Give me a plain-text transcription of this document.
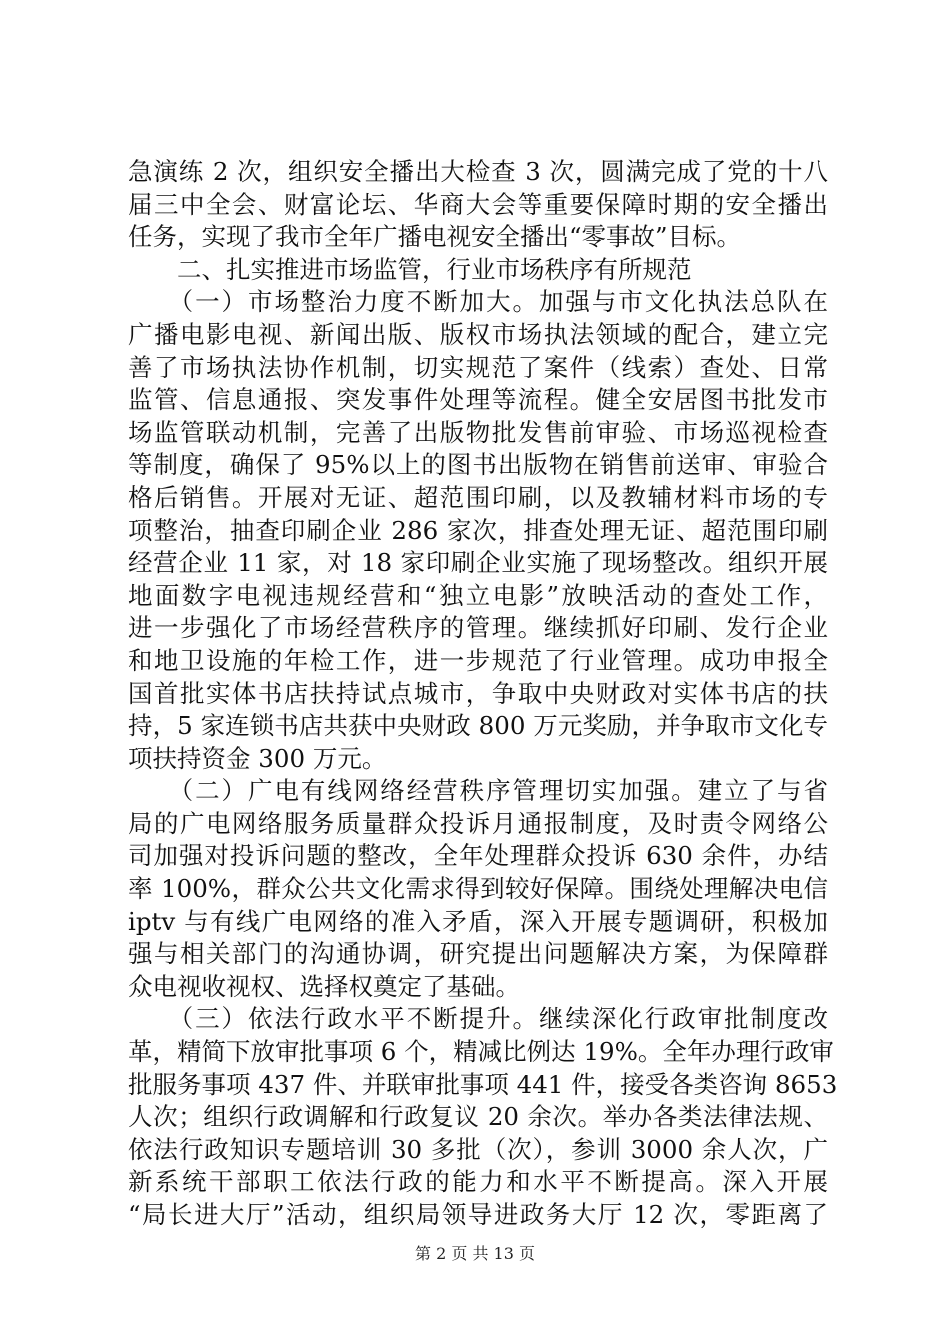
急演练 2 次，组织安全播出大检查 3 次，圆满完成了党的十八
届三中全会、财富论坛、华商大会等重要保障时期的安全播出
任务，实现了我市全年广播电视安全播出“零事故”目标。
　　二、扎实推进市场监管，行业市场秩序有所规范
　　（一）市场整治力度不断加大。加强与市文化执法总队在
广播电影电视、新闻出版、版权市场执法领域的配合，建立完
善了市场执法协作机制，切实规范了案件（线索）查处、日常
监管、信息通报、突发事件处理等流程。健全安居图书批发市
场监管联动机制，完善了出版物批发售前审验、市场巡视检查
等制度，确保了 95%以上的图书出版物在销售前送审、审验合
格后销售。开展对无证、超范围印刷，以及教辅材料市场的专
项整治，抽查印刷企业 286 家次，排查处理无证、超范围印刷
经营企业 11 家，对 18 家印刷企业实施了现场整改。组织开展
地面数字电视违规经营和“独立电影”放映活动的查处工作，
进一步强化了市场经营秩序的管理。继续抓好印刷、发行企业
和地卫设施的年检工作，进一步规范了行业管理。成功申报全
国首批实体书店扶持试点城市，争取中央财政对实体书店的扶
持，5 家连锁书店共获中央财政 800 万元奖励，并争取市文化专
项扶持资金 300 万元。
　　（二）广电有线网络经营秩序管理切实加强。建立了与省
局的广电网络服务质量群众投诉月通报制度，及时责令网络公
司加强对投诉问题的整改，全年处理群众投诉 630 余件，办结
率 100%，群众公共文化需求得到较好保障。围绕处理解决电信
iptv 与有线广电网络的准入矛盾，深入开展专题调研，积极加
强与相关部门的沟通协调，研究提出问题解决方案，为保障群
众电视收视权、选择权奠定了基础。
　　（三）依法行政水平不断提升。继续深化行政审批制度改
革，精简下放审批事项 6 个，精减比例达 19%。全年办理行政审
批服务事项 437 件、并联审批事项 441 件，接受各类咨询 8653
人次；组织行政调解和行政复议 20 余次。举办各类法律法规、
依法行政知识专题培训 30 多批（次），参训 3000 余人次，广
新系统干部职工依法行政的能力和水平不断提高。深入开展
“局长进大厅”活动，组织局领导进政务大厅 12 次，零距离了
第 2 页 共 13 页
